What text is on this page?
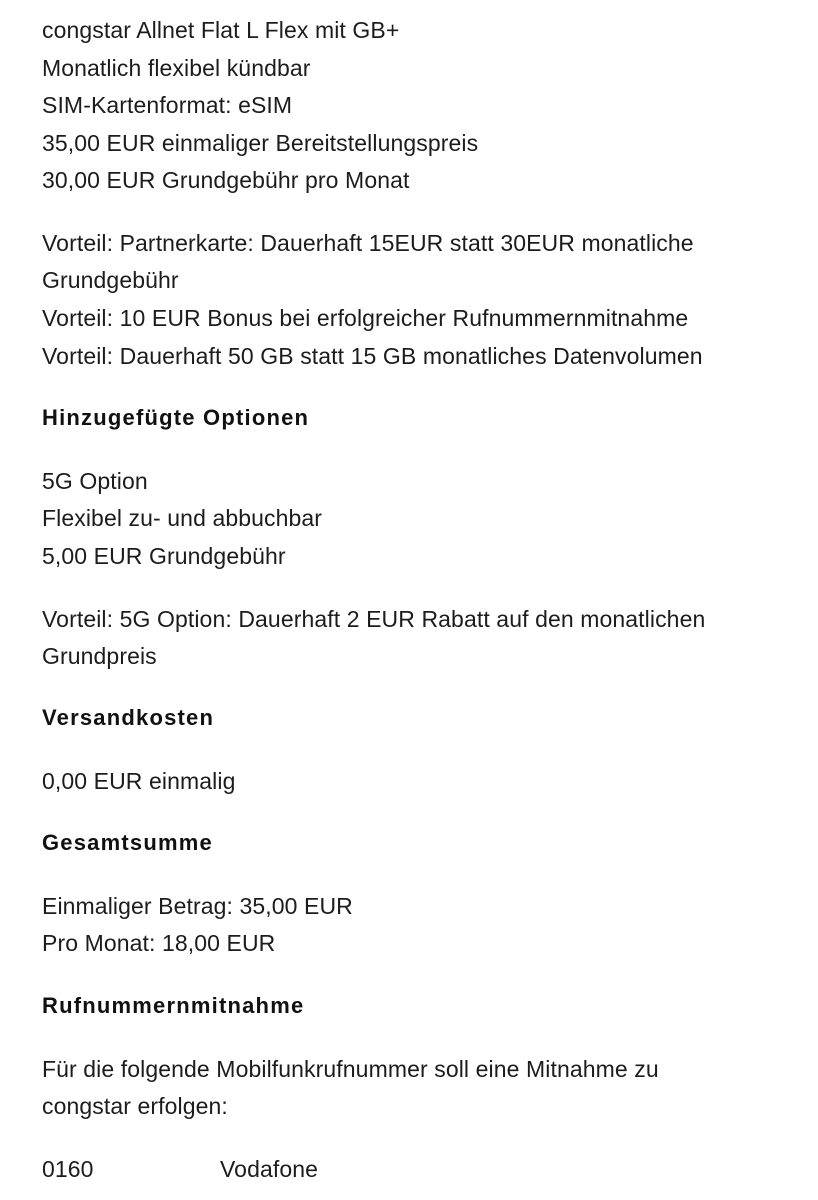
congstar Allnet Flat L Flex mit GB+
Monatlich flexibel kündbar
SIM-Kartenformat: eSIM
35,00 EUR einmaliger Bereitstellungspreis
30,00 EUR Grundgebühr pro Monat
Vorteil: Partnerkarte: Dauerhaft 15EUR statt 30EUR monatliche
Grundgebühr
Vorteil: 10 EUR Bonus bei erfolgreicher Rufnummernmitnahme
Vorteil: Dauerhaft 50 GB statt 15 GB monatliches Datenvolumen
Hinzugefügte Optionen
5G Option
Flexibel zu- und abbuchbar
5,00 EUR Grundgebühr
Vorteil: 5G Option: Dauerhaft 2 EUR Rabatt auf den monatlichen
Grundpreis
Versandkosten
0,00 EUR einmalig
Gesamtsumme
Einmaliger Betrag: 35,00 EUR
Pro Monat: 18,00 EUR
Rufnummernmitnahme
Für die folgende Mobilfunkrufnummer soll eine Mitnahme zu
congstar erfolgen:
0160	Vodafone
